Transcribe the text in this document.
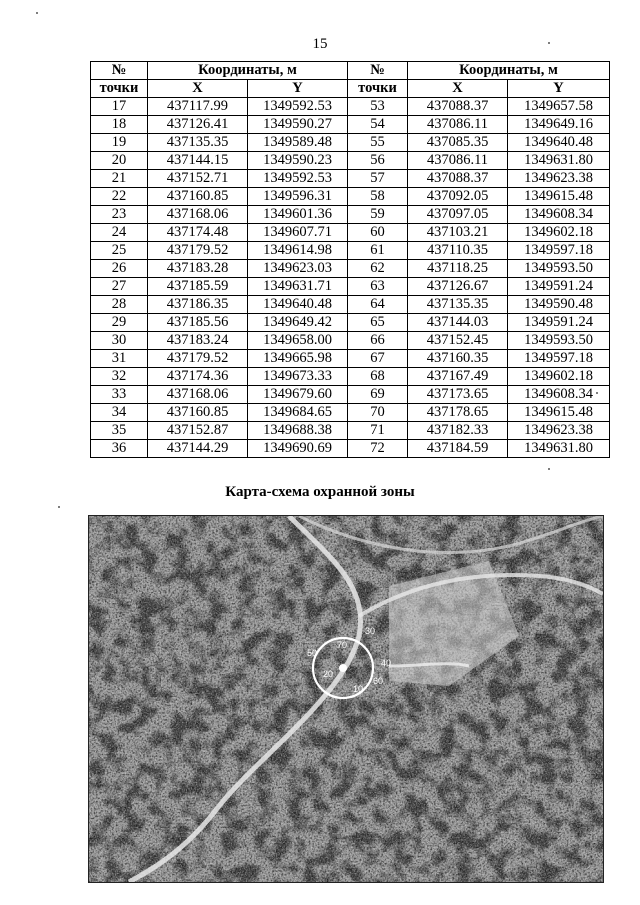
15
№	Координаты, м		№	Координаты, м	
точки	X	Y	точки	X	Y
17	437117.99	1349592.53	53	437088.37	1349657.58
18	437126.41	1349590.27	54	437086.11	1349649.16
19	437135.35	1349589.48	55	437085.35	1349640.48
20	437144.15	1349590.23	56	437086.11	1349631.80
21	437152.71	1349592.53	57	437088.37	1349623.38
22	437160.85	1349596.31	58	437092.05	1349615.48
23	437168.06	1349601.36	59	437097.05	1349608.34
24	437174.48	1349607.71	60	437103.21	1349602.18
25	437179.52	1349614.98	61	437110.35	1349597.18
26	437183.28	1349623.03	62	437118.25	1349593.50
27	437185.59	1349631.71	63	437126.67	1349591.24
28	437186.35	1349640.48	64	437135.35	1349590.48
29	437185.56	1349649.42	65	437144.03	1349591.24
30	437183.24	1349658.00	66	437152.45	1349593.50
31	437179.52	1349665.98	67	437160.35	1349597.18
32	437174.36	1349673.33	68	437167.49	1349602.18
33	437168.06	1349679.60	69	437173.65	1349608.34
34	437160.85	1349684.65	70	437178.65	1349615.48
35	437152.87	1349688.38	71	437182.33	1349623.38
36	437144.29	1349690.69	72	437184.59	1349631.80
Карта-схема охранной зоны
30
50
20
10
60
70
40
